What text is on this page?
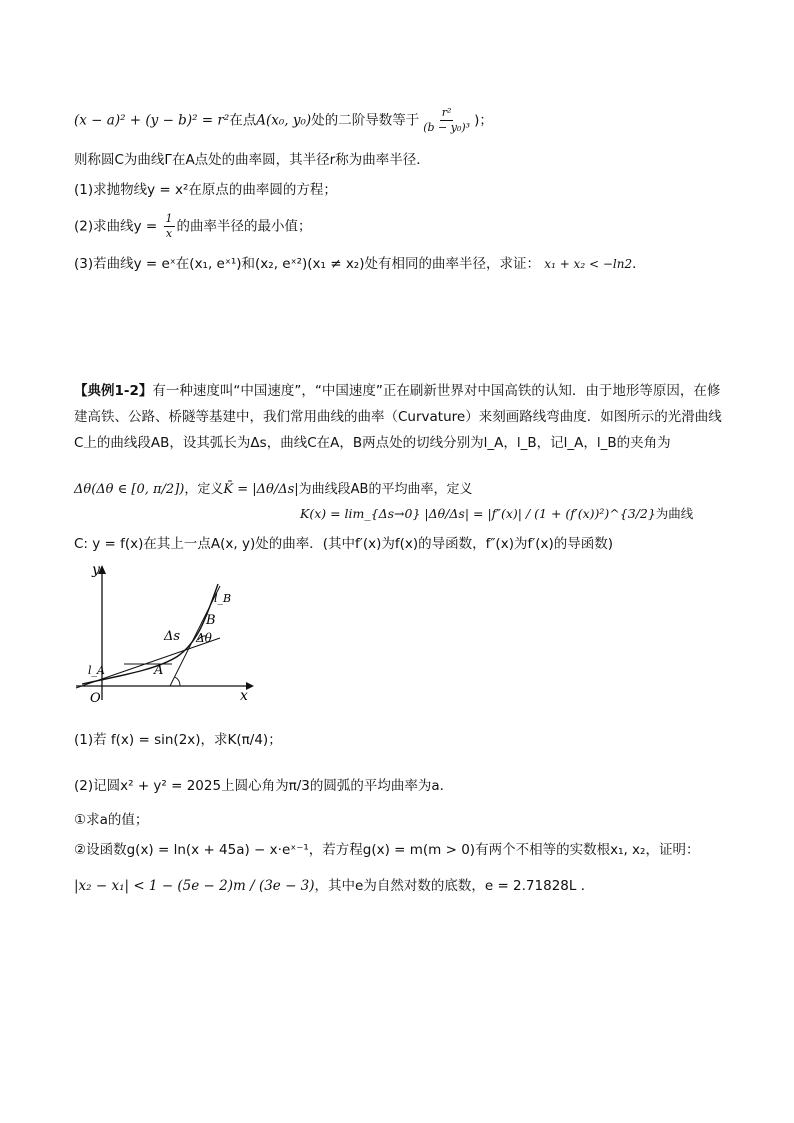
(x − a)² + (y − b)² = r²在点A(x₀, y₀)处的二阶导数等于 $\frac{\text{r²}}{\text{(b − y₀)³}}$ )；
则称圆C为曲线Γ在A点处的曲率圆，其半径r称为曲率半径．
(1)求抛物线y = x²在原点的曲率圆的方程；
(2)求曲线$y = \frac{1}{x}$ 的曲率半径的最小值；
(3)若曲线y = eˣ在(x₁, eˣ¹)和(x₂, eˣ²)(x₁ ≠ x₂)处有相同的曲率半径，求证： x₁ + x₂ < −ln2．
【典例1-2】有一种速度叫“中国速度”，“中国速度”正在刷新世界对中国高铁的认知．由于地形等原因，在修建高铁、公路、桥隧等基建中，我们常用曲线的曲率（Curvature）来刻画路线弯曲度．如图所示的光滑曲线C上的曲线段AB，设其弧长为Δs，曲线C在A，B两点处的切线分别为l_A，l_B，记l_A，l_B的夹角为
Δθ(Δθ ∈ [0, π/2])，定义K̄ = |Δθ/Δs|为曲线段AB的平均曲率，定义
K(x) = lim_{Δs→0} |Δθ/Δs| = |f″(x)| / (1 + (f′(x))²)^{3/2}为曲线
C: y = f(x)在其上一点A(x, y)处的曲率．(其中f′(x)为f(x)的导函数，f″(x)为f′(x)的导函数)
y
x
O
l_A
l_B
A
B
Δs Δθ
(1)若 f(x) = sin(2x)，求K(π/4)；
(2)记圆x² + y² = 2025上圆心角为π/3的圆弧的平均曲率为a．
①求a的值；
②设函数g(x) = ln(x + 45a) − x·eˣ⁻¹，若方程g(x) = m(m > 0)有两个不相等的实数根x₁, x₂，证明：
|x₂ − x₁| < 1 − (5e − 2)m / (3e − 3)，其中e为自然对数的底数，e = 2.71828L ．
